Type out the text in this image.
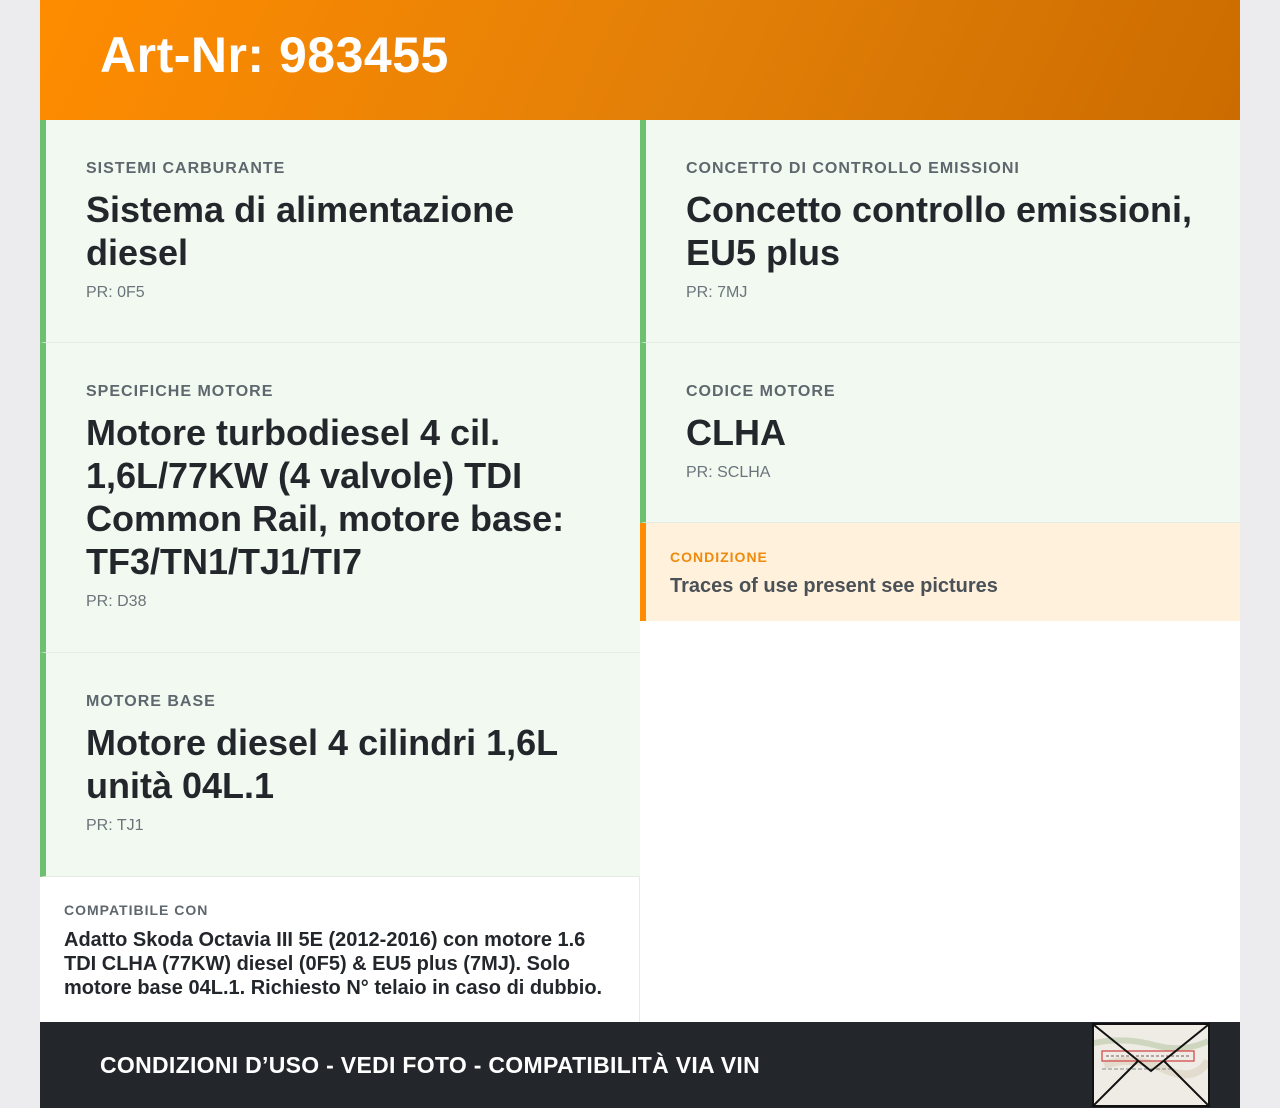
Art-Nr: 983455
SISTEMI CARBURANTE
Sistema di alimentazione diesel
PR: 0F5
SPECIFICHE MOTORE
Motore turbodiesel 4 cil. 1,6L/77KW (4 valvole) TDI Common Rail, motore base: TF3/TN1/TJ1/TI7
PR: D38
MOTORE BASE
Motore diesel 4 cilindri 1,6L unità 04L.1
PR: TJ1
CONCETTO DI CONTROLLO EMISSIONI
Concetto controllo emissioni, EU5 plus
PR: 7MJ
CODICE MOTORE
CLHA
PR: SCLHA
CONDIZIONE
Traces of use present see pictures
COMPATIBILE CON
Adatto Skoda Octavia III 5E (2012-2016) con motore 1.6 TDI CLHA (77KW) diesel (0F5) & EU5 plus (7MJ). Solo motore base 04L.1. Richiesto N° telaio in caso di dubbio.
CONDIZIONI D’USO - VEDI FOTO - COMPATIBILITÀ VIA VIN
